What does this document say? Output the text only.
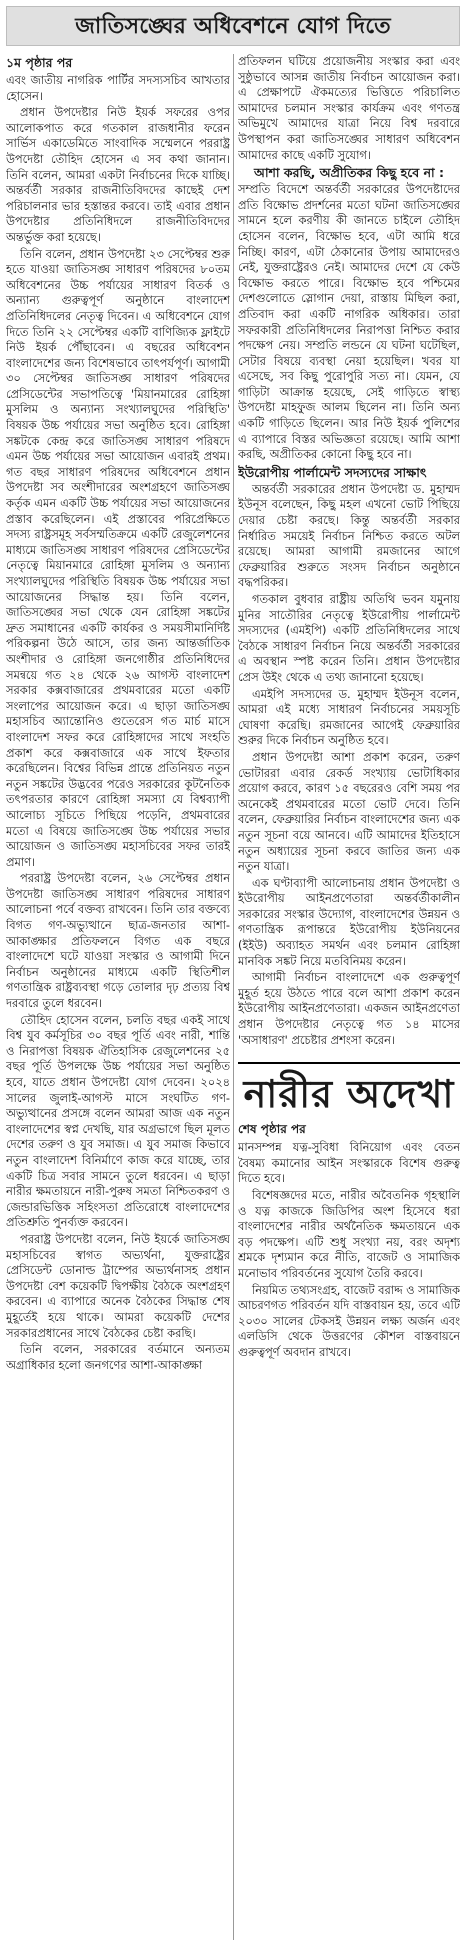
জাতিসঙ্ঘের অধিবেশনে যোগ দিতে
১ম পৃষ্ঠার পর

এবং জাতীয় নাগরিক পার্টির সদস্যসচিব আখতার হোসেন।

প্রধান উপদেষ্টার নিউ ইয়র্ক সফরের ওপর আলোকপাত করে গতকাল রাজধানীর ফরেন সার্ভিস একাডেমিতে সাংবাদিক সম্মেলনে পররাষ্ট্র উপদেষ্টা তৌহিদ হোসেন এ সব কথা জানান। তিনি বলেন, আমরা একটা নির্বাচনের দিকে যাচ্ছি। অন্তর্বর্তী সরকার রাজনীতিবিদদের কাছেই দেশ পরিচালনার ভার হস্তান্তর করবে। তাই এবার প্রধান উপদেষ্টার প্রতিনিধিদলে রাজনীতিবিদদের অন্তর্ভুক্ত করা হয়েছে।

তিনি বলেন, প্রধান উপদেষ্টা ২৩ সেপ্টেম্বর শুরু হতে যাওয়া জাতিসঙ্ঘ সাধারণ পরিষদের ৮০তম অধিবেশনের উচ্চ পর্যায়ের সাধারণ বিতর্ক ও অন্যান্য গুরুত্বপূর্ণ অনুষ্ঠানে বাংলাদেশ প্রতিনিধিদলের নেতৃত্ব দিবেন। এ অধিবেশনে যোগ দিতে তিনি ২২ সেপ্টেম্বর একটি বাণিজ্যিক ফ্লাইটে নিউ ইয়র্ক পৌঁছাবেন। এ বছরের অধিবেশন বাংলাদেশের জন্য বিশেষভাবে তাৎপর্যপূর্ণ। আগামী ৩০ সেপ্টেম্বর জাতিসঙ্ঘ সাধারণ পরিষদের প্রেসিডেন্টের সভাপতিত্বে 'মিয়ানমারের রোহিঙ্গা মুসলিম ও অন্যান্য সংখ্যালঘুদের পরিস্থিতি' বিষয়ক উচ্চ পর্যায়ের সভা অনুষ্ঠিত হবে। রোহিঙ্গা সঙ্কটকে কেন্দ্র করে জাতিসঙ্ঘ সাধারণ পরিষদে এমন উচ্চ পর্যায়ের সভা আয়োজন এবারই প্রথম। গত বছর সাধারণ পরিষদের অধিবেশনে প্রধান উপদেষ্টা সব অংশীদারের অংশগ্রহণে জাতিসঙ্ঘ কর্তৃক এমন একটি উচ্চ পর্যায়ের সভা আয়োজনের প্রস্তাব করেছিলেন। এই প্রস্তাবের পরিপ্রেক্ষিতে সদস্য রাষ্ট্রসমূহ সর্বসম্মতিক্রমে একটি রেজুলেশনের মাধ্যমে জাতিসঙ্ঘ সাধারণ পরিষদের প্রেসিডেন্টের নেতৃত্বে মিয়ানমারে রোহিঙ্গা মুসলিম ও অন্যান্য সংখ্যালঘুদের পরিস্থিতি বিষয়ক উচ্চ পর্যায়ের সভা আয়োজনের সিদ্ধান্ত হয়। তিনি বলেন, জাতিসঙ্ঘের সভা থেকে যেন রোহিঙ্গা সঙ্কটের দ্রুত সমাধানের একটি কার্যকর ও সময়সীমানির্দিষ্ট পরিকল্পনা উঠে আসে, তার জন্য আন্তর্জাতিক অংশীদার ও রোহিঙ্গা জনগোষ্ঠীর প্রতিনিধিদের সমন্বয়ে গত ২৪ থেকে ২৬ আগস্ট বাংলাদেশ সরকার কক্সবাজারের প্রথমবারের মতো একটি সংলাপের আয়োজন করে। এ ছাড়া জাতিসঙ্ঘ মহাসচিব অ্যান্তোনিও গুতেরেস গত মার্চ মাসে বাংলাদেশ সফর করে রোহিঙ্গাদের সাথে সংহতি প্রকাশ করে কক্সবাজারে এক সাথে ইফতার করেছিলেন। বিশ্বের বিভিন্ন প্রান্তে প্রতিনিয়ত নতুন নতুন সঙ্কটের উদ্ভবের পরেও সরকারের কূটনৈতিক তৎপরতার কারণে রোহিঙ্গা সমস্যা যে বিশ্বব্যাপী আলোচ্য সূচিতে পিছিয়ে পড়েনি, প্রথমবারের মতো এ বিষয়ে জাতিসঙ্ঘে উচ্চ পর্যায়ের সভার আয়োজন ও জাতিসঙ্ঘ মহাসচিবের সফর তারই প্রমাণ।

পররাষ্ট্র উপদেষ্টা বলেন, ২৬ সেপ্টেম্বর প্রধান উপদেষ্টা জাতিসঙ্ঘ সাধারণ পরিষদের সাধারণ আলোচনা পর্বে বক্তব্য রাখবেন। তিনি তার বক্তব্যে বিগত গণ-অভ্যুত্থানে ছাত্র-জনতার আশা-আকাঙ্ক্ষার প্রতিফলনে বিগত এক বছরে বাংলাদেশে ঘটে যাওয়া সংস্কার ও আগামী দিনে নির্বাচন অনুষ্ঠানের মাধ্যমে একটি স্থিতিশীল গণতান্ত্রিক রাষ্ট্রব্যবস্থা গড়ে তোলার দৃঢ় প্রত্যয় বিশ্ব দরবারে তুলে ধরবেন।

তৌহিদ হোসেন বলেন, চলতি বছর একই সাথে বিশ্ব যুব কর্মসূচির ৩০ বছর পূর্তি এবং নারী, শান্তি ও নিরাপত্তা বিষয়ক ঐতিহাসিক রেজুলেশনের ২৫ বছর পূর্তি উপলক্ষে উচ্চ পর্যায়ের সভা অনুষ্ঠিত হবে, যাতে প্রধান উপদেষ্টা যোগ দেবেন। ২০২৪ সালের জুলাই-আগস্ট মাসে সংঘটিত গণ-অভ্যুত্থানের প্রসঙ্গে বলেন আমরা আজ এক নতুন বাংলাদেশের স্বপ্ন দেখছি, যার অগ্রভাগে ছিল মূলত দেশের তরুণ ও যুব সমাজ। এ যুব সমাজ কিভাবে নতুন বাংলাদেশ বিনির্মাণে কাজ করে যাচ্ছে, তার একটি চিত্র সবার সামনে তুলে ধরবেন। এ ছাড়া নারীর ক্ষমতায়নে নারী-পুরুষ সমতা নিশ্চিতকরণ ও জেন্ডারভিত্তিক সহিংসতা প্রতিরোধে বাংলাদেশের প্রতিশ্রুতি পুনর্ব্যক্ত করবেন।

পররাষ্ট্র উপদেষ্টা বলেন, নিউ ইয়র্কে জাতিসঙ্ঘ মহাসচিবের স্বাগত অভ্যর্থনা, যুক্তরাষ্ট্রের প্রেসিডেন্ট ডোনাল্ড ট্রাম্পের অভ্যর্থনাসহ প্রধান উপদেষ্টা বেশ কয়েকটি দ্বিপক্ষীয় বৈঠকে অংশগ্রহণ করবেন। এ ব্যাপারে অনেক বৈঠকের সিদ্ধান্ত শেষ মুহূর্তেই হয়ে থাকে। আমরা কয়েকটি দেশের সরকারপ্রধানের সাথে বৈঠকের চেষ্টা করছি।

তিনি বলেন, সরকারের বর্তমানে অন্যতম অগ্রাধিকার হলো জনগণের আশা-আকাঙ্ক্ষা

প্রতিফলন ঘটিয়ে প্রয়োজনীয় সংস্কার করা এবং সুষ্ঠুভাবে আসন্ন জাতীয় নির্বাচন আয়োজন করা। এ প্রেক্ষাপটে ঐকমত্যের ভিত্তিতে পরিচালিত আমাদের চলমান সংস্কার কার্যক্রম এবং গণতন্ত্র অভিমুখে আমাদের যাত্রা নিয়ে বিশ্ব দরবারে উপস্থাপন করা জাতিসঙ্ঘের সাধারণ অধিবেশন আমাদের কাছে একটি সুযোগ।

আশা করছি, অপ্রীতিকর কিছু হবে না :

সম্প্রতি বিদেশে অন্তর্বর্তী সরকারের উপদেষ্টাদের প্রতি বিক্ষোভ প্রদর্শনের মতো ঘটনা জাতিসঙ্ঘের সামনে হলে করণীয় কী জানতে চাইলে তৌহিদ হোসেন বলেন, বিক্ষোভ হবে, এটা আমি ধরে নিচ্ছি। কারণ, এটা ঠেকানোর উপায় আমাদেরও নেই, যুক্তরাষ্ট্রেরও নেই। আমাদের দেশে যে কেউ বিক্ষোভ করতে পারে। বিক্ষোভ হবে পশ্চিমের দেশগুলোতে স্লোগান দেয়া, রাস্তায় মিছিল করা, প্রতিবাদ করা একটি নাগরিক অধিকার। তারা সফরকারী প্রতিনিধিদলের নিরাপত্তা নিশ্চিত করার পদক্ষেপ নেয়। সম্প্রতি লন্ডনে যে ঘটনা ঘটেছিল, সেটার বিষয়ে ব্যবস্থা নেয়া হয়েছিল। খবর যা এসেছে, সব কিছু পুরোপুরি সত্য না। যেমন, যে গাড়িটা আক্রান্ত হয়েছে, সেই গাড়িতে স্বাস্থ্য উপদেষ্টা মাহফুজ আলম ছিলেন না। তিনি অন্য একটি গাড়িতে ছিলেন। আর নিউ ইয়র্ক পুলিশের এ ব্যাপারে বিস্তর অভিজ্ঞতা রয়েছে। আমি আশা করছি, অপ্রীতিকর কোনো কিছু হবে না।

ইউরোপীয় পার্লামেন্ট সদস্যদের সাক্ষাৎ

অন্তর্বর্তী সরকারের প্রধান উপদেষ্টা ড. মুহাম্মদ ইউনূস বলেছেন, কিছু মহল এখনো ভোট পিছিয়ে দেয়ার চেষ্টা করছে। কিন্তু অন্তর্বর্তী সরকার নির্ধারিত সময়েই নির্বাচন নিশ্চিত করতে অটল রয়েছে। আমরা আগামী রমজানের আগে ফেব্রুয়ারির শুরুতে সংসদ নির্বাচন অনুষ্ঠানে বদ্ধপরিকর।

গতকাল বুধবার রাষ্ট্রীয় অতিথি ভবন যমুনায় মুনির সাতৌরির নেতৃত্বে ইউরোপীয় পার্লামেন্ট সদস্যদের (এমইপি) একটি প্রতিনিধিদলের সাথে বৈঠকে সাধারণ নির্বাচন নিয়ে অন্তর্বর্তী সরকারের এ অবস্থান স্পষ্ট করেন তিনি। প্রধান উপদেষ্টার প্রেস উইং থেকে এ তথ্য জানানো হয়েছে।

এমইপি সদস্যদের ড. মুহাম্মদ ইউনূস বলেন, আমরা এই মধ্যে সাধারণ নির্বাচনের সময়সূচি ঘোষণা করেছি। রমজানের আগেই ফেব্রুয়ারির শুরুর দিকে নির্বাচন অনুষ্ঠিত হবে।

প্রধান উপদেষ্টা আশা প্রকাশ করেন, তরুণ ভোটাররা এবার রেকর্ড সংখ্যায় ভোটাধিকার প্রয়োগ করবে, কারণ ১৫ বছরেরও বেশি সময় পর অনেকেই প্রথমবারের মতো ভোট দেবে। তিনি বলেন, ফেব্রুয়ারির নির্বাচন বাংলাদেশের জন্য এক নতুন সূচনা বয়ে আনবে। এটি আমাদের ইতিহাসে নতুন অধ্যায়ের সূচনা করবে জাতির জন্য এক নতুন যাত্রা।

এক ঘণ্টাব্যাপী আলোচনায় প্রধান উপদেষ্টা ও ইউরোপীয় আইনপ্রণেতারা অন্তর্বর্তীকালীন সরকারের সংস্কার উদ্যোগ, বাংলাদেশের উন্নয়ন ও গণতান্ত্রিক রূপান্তরে ইউরোপীয় ইউনিয়নের (ইইউ) অব্যাহত সমর্থন এবং চলমান রোহিঙ্গা মানবিক সঙ্কট নিয়ে মতবিনিময় করেন।

আগামী নির্বাচন বাংলাদেশে এক গুরুত্বপূর্ণ মুহূর্ত হয়ে উঠতে পারে বলে আশা প্রকাশ করেন ইউরোপীয় আইনপ্রণেতারা। একজন আইনপ্রণেতা প্রধান উপদেষ্টার নেতৃত্বে গত ১৪ মাসের 'অসাধারণ' প্রচেষ্টার প্রশংসা করেন।

নারীর অদেখা
শেষ পৃষ্ঠার পর

মানসম্পন্ন যত্ন-সুবিধা বিনিয়োগ এবং বেতন বৈষম্য কমানোর আইন সংস্কারকে বিশেষ গুরুত্ব দিতে হবে।

বিশেষজ্ঞদের মতে, নারীর অবৈতনিক গৃহস্থালি ও যত্ন কাজকে জিডিপির অংশ হিসেবে ধরা বাংলাদেশের নারীর অর্থনৈতিক ক্ষমতায়নে এক বড় পদক্ষেপ। এটি শুধু সংখ্যা নয়, বরং অদৃশ্য শ্রমকে দৃশ্যমান করে নীতি, বাজেট ও সামাজিক মনোভাব পরিবর্তনের সুযোগ তৈরি করবে।

নিয়মিত তথ্যসংগ্রহ, বাজেট বরাদ্দ ও সামাজিক আচরণগত পরিবর্তন যদি বাস্তবায়ন হয়, তবে এটি ২০৩০ সালের টেকসই উন্নয়ন লক্ষ্য অর্জন এবং এলডিসি থেকে উত্তরণের কৌশল বাস্তবায়নে গুরুত্বপূর্ণ অবদান রাখবে।
